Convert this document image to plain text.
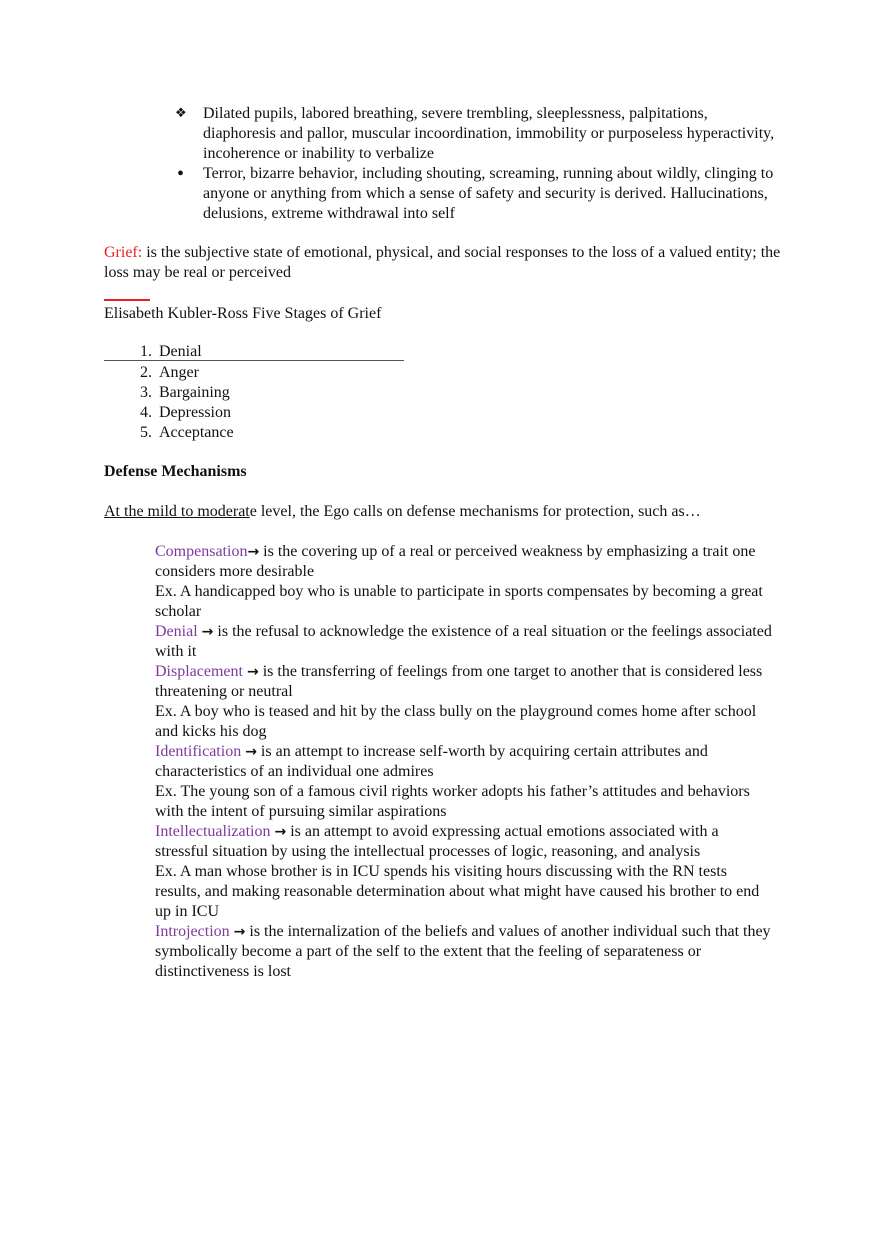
❖	Dilated pupils, labored breathing, severe trembling, sleeplessness, palpitations, diaphoresis and pallor, muscular incoordination, immobility or purposeless hyperactivity, incoherence or inability to verbalize
•	Terror, bizarre behavior, including shouting, screaming, running about wildly, clinging to anyone or anything from which a sense of safety and security is derived. Hallucinations, delusions, extreme withdrawal into self

Grief: is the subjective state of emotional, physical, and social responses to the loss of a valued entity; the loss may be real or perceived

Elisabeth Kubler-Ross Five Stages of Grief

1. Denial
2. Anger
3. Bargaining
4. Depression
5. Acceptance

Defense Mechanisms

At the mild to moderate level, the Ego calls on defense mechanisms for protection, such as…

Compensation→ is the covering up of a real or perceived weakness by emphasizing a trait one considers more desirable

Ex. A handicapped boy who is unable to participate in sports compensates by becoming a great scholar

Denial → is the refusal to acknowledge the existence of a real situation or the feelings associated with it

Displacement → is the transferring of feelings from one target to another that is considered less threatening or neutral

Ex. A boy who is teased and hit by the class bully on the playground comes home after school and kicks his dog

Identification → is an attempt to increase self-worth by acquiring certain attributes and characteristics of an individual one admires

Ex. The young son of a famous civil rights worker adopts his father’s attitudes and behaviors with the intent of pursuing similar aspirations

Intellectualization → is an attempt to avoid expressing actual emotions associated with a stressful situation by using the intellectual processes of logic, reasoning, and analysis

Ex. A man whose brother is in ICU spends his visiting hours discussing with the RN tests results, and making reasonable determination about what might have caused his brother to end up in ICU

Introjection → is the internalization of the beliefs and values of another individual such that they symbolically become a part of the self to the extent that the feeling of separateness or distinctiveness is lost
